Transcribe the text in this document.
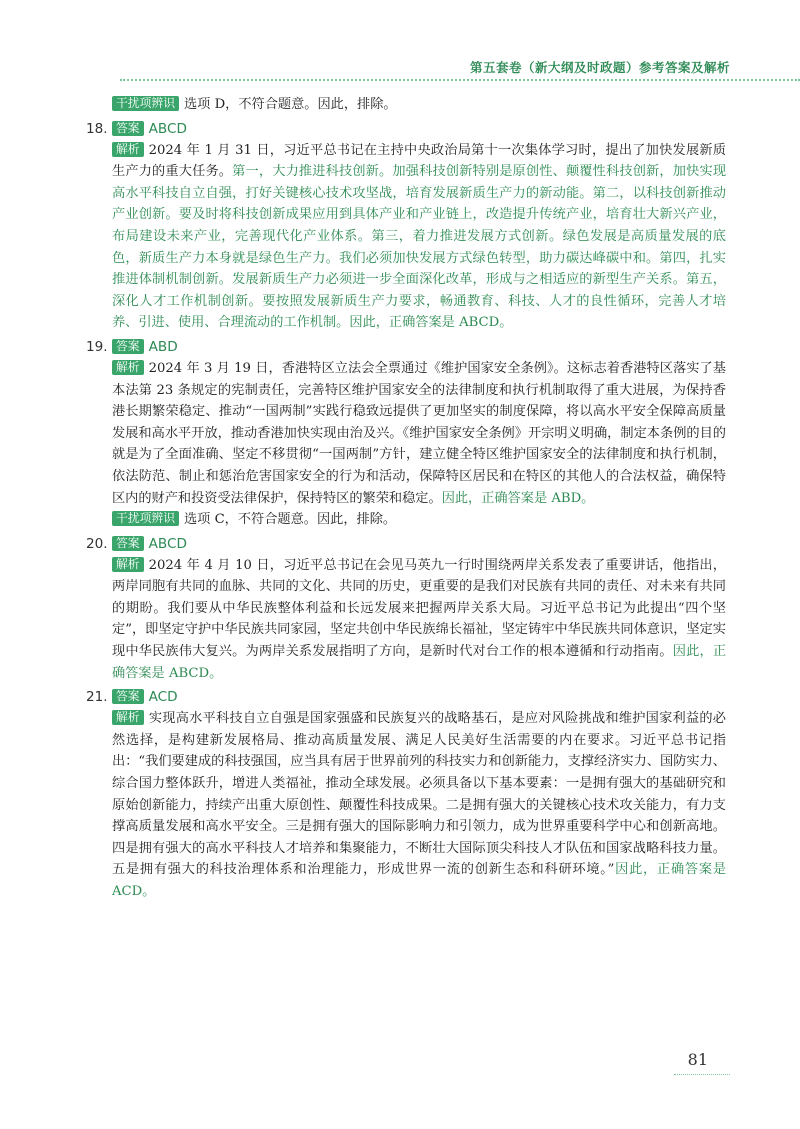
第五套卷（新大纲及时政题）参考答案及解析
干扰项辨识 选项 D，不符合题意。因此，排除。
18. 答案 ABCD
解析 2024 年 1 月 31 日，习近平总书记在主持中央政治局第十一次集体学习时，提出了加快发展新质生产力的重大任务。第一，大力推进科技创新。加强科技创新特别是原创性、颠覆性科技创新，加快实现高水平科技自立自强，打好关键核心技术攻坚战，培育发展新质生产力的新动能。第二，以科技创新推动产业创新。要及时将科技创新成果应用到具体产业和产业链上，改造提升传统产业，培育壮大新兴产业，布局建设未来产业，完善现代化产业体系。第三，着力推进发展方式创新。绿色发展是高质量发展的底色，新质生产力本身就是绿色生产力。我们必须加快发展方式绿色转型，助力碳达峰碳中和。第四，扎实推进体制机制创新。发展新质生产力必须进一步全面深化改革，形成与之相适应的新型生产关系。第五，深化人才工作机制创新。要按照发展新质生产力要求，畅通教育、科技、人才的良性循环，完善人才培养、引进、使用、合理流动的工作机制。因此，正确答案是 ABCD。
19. 答案 ABD
解析 2024 年 3 月 19 日，香港特区立法会全票通过《维护国家安全条例》。这标志着香港特区落实了基本法第 23 条规定的宪制责任，完善特区维护国家安全的法律制度和执行机制取得了重大进展，为保持香港长期繁荣稳定、推动“一国两制”实践行稳致远提供了更加坚实的制度保障，将以高水平安全保障高质量发展和高水平开放，推动香港加快实现由治及兴。《维护国家安全条例》开宗明义明确，制定本条例的目的就是为了全面准确、坚定不移贯彻“一国两制”方针，建立健全特区维护国家安全的法律制度和执行机制，依法防范、制止和惩治危害国家安全的行为和活动，保障特区居民和在特区的其他人的合法权益，确保特区内的财产和投资受法律保护，保持特区的繁荣和稳定。因此，正确答案是 ABD。
干扰项辨识 选项 C，不符合题意。因此，排除。
20. 答案 ABCD
解析 2024 年 4 月 10 日，习近平总书记在会见马英九一行时围绕两岸关系发表了重要讲话，他指出，两岸同胞有共同的血脉、共同的文化、共同的历史，更重要的是我们对民族有共同的责任、对未来有共同的期盼。我们要从中华民族整体利益和长远发展来把握两岸关系大局。习近平总书记为此提出“四个坚定”，即坚定守护中华民族共同家园，坚定共创中华民族绵长福祉，坚定铸牢中华民族共同体意识，坚定实现中华民族伟大复兴。为两岸关系发展指明了方向，是新时代对台工作的根本遵循和行动指南。因此，正确答案是 ABCD。
21. 答案 ACD
解析 实现高水平科技自立自强是国家强盛和民族复兴的战略基石，是应对风险挑战和维护国家利益的必然选择，是构建新发展格局、推动高质量发展、满足人民美好生活需要的内在要求。习近平总书记指出：“我们要建成的科技强国，应当具有居于世界前列的科技实力和创新能力，支撑经济实力、国防实力、综合国力整体跃升，增进人类福祉，推动全球发展。必须具备以下基本要素：一是拥有强大的基础研究和原始创新能力，持续产出重大原创性、颠覆性科技成果。二是拥有强大的关键核心技术攻关能力，有力支撑高质量发展和高水平安全。三是拥有强大的国际影响力和引领力，成为世界重要科学中心和创新高地。四是拥有强大的高水平科技人才培养和集聚能力，不断壮大国际顶尖科技人才队伍和国家战略科技力量。五是拥有强大的科技治理体系和治理能力，形成世界一流的创新生态和科研环境。”因此，正确答案是 ACD。
81
